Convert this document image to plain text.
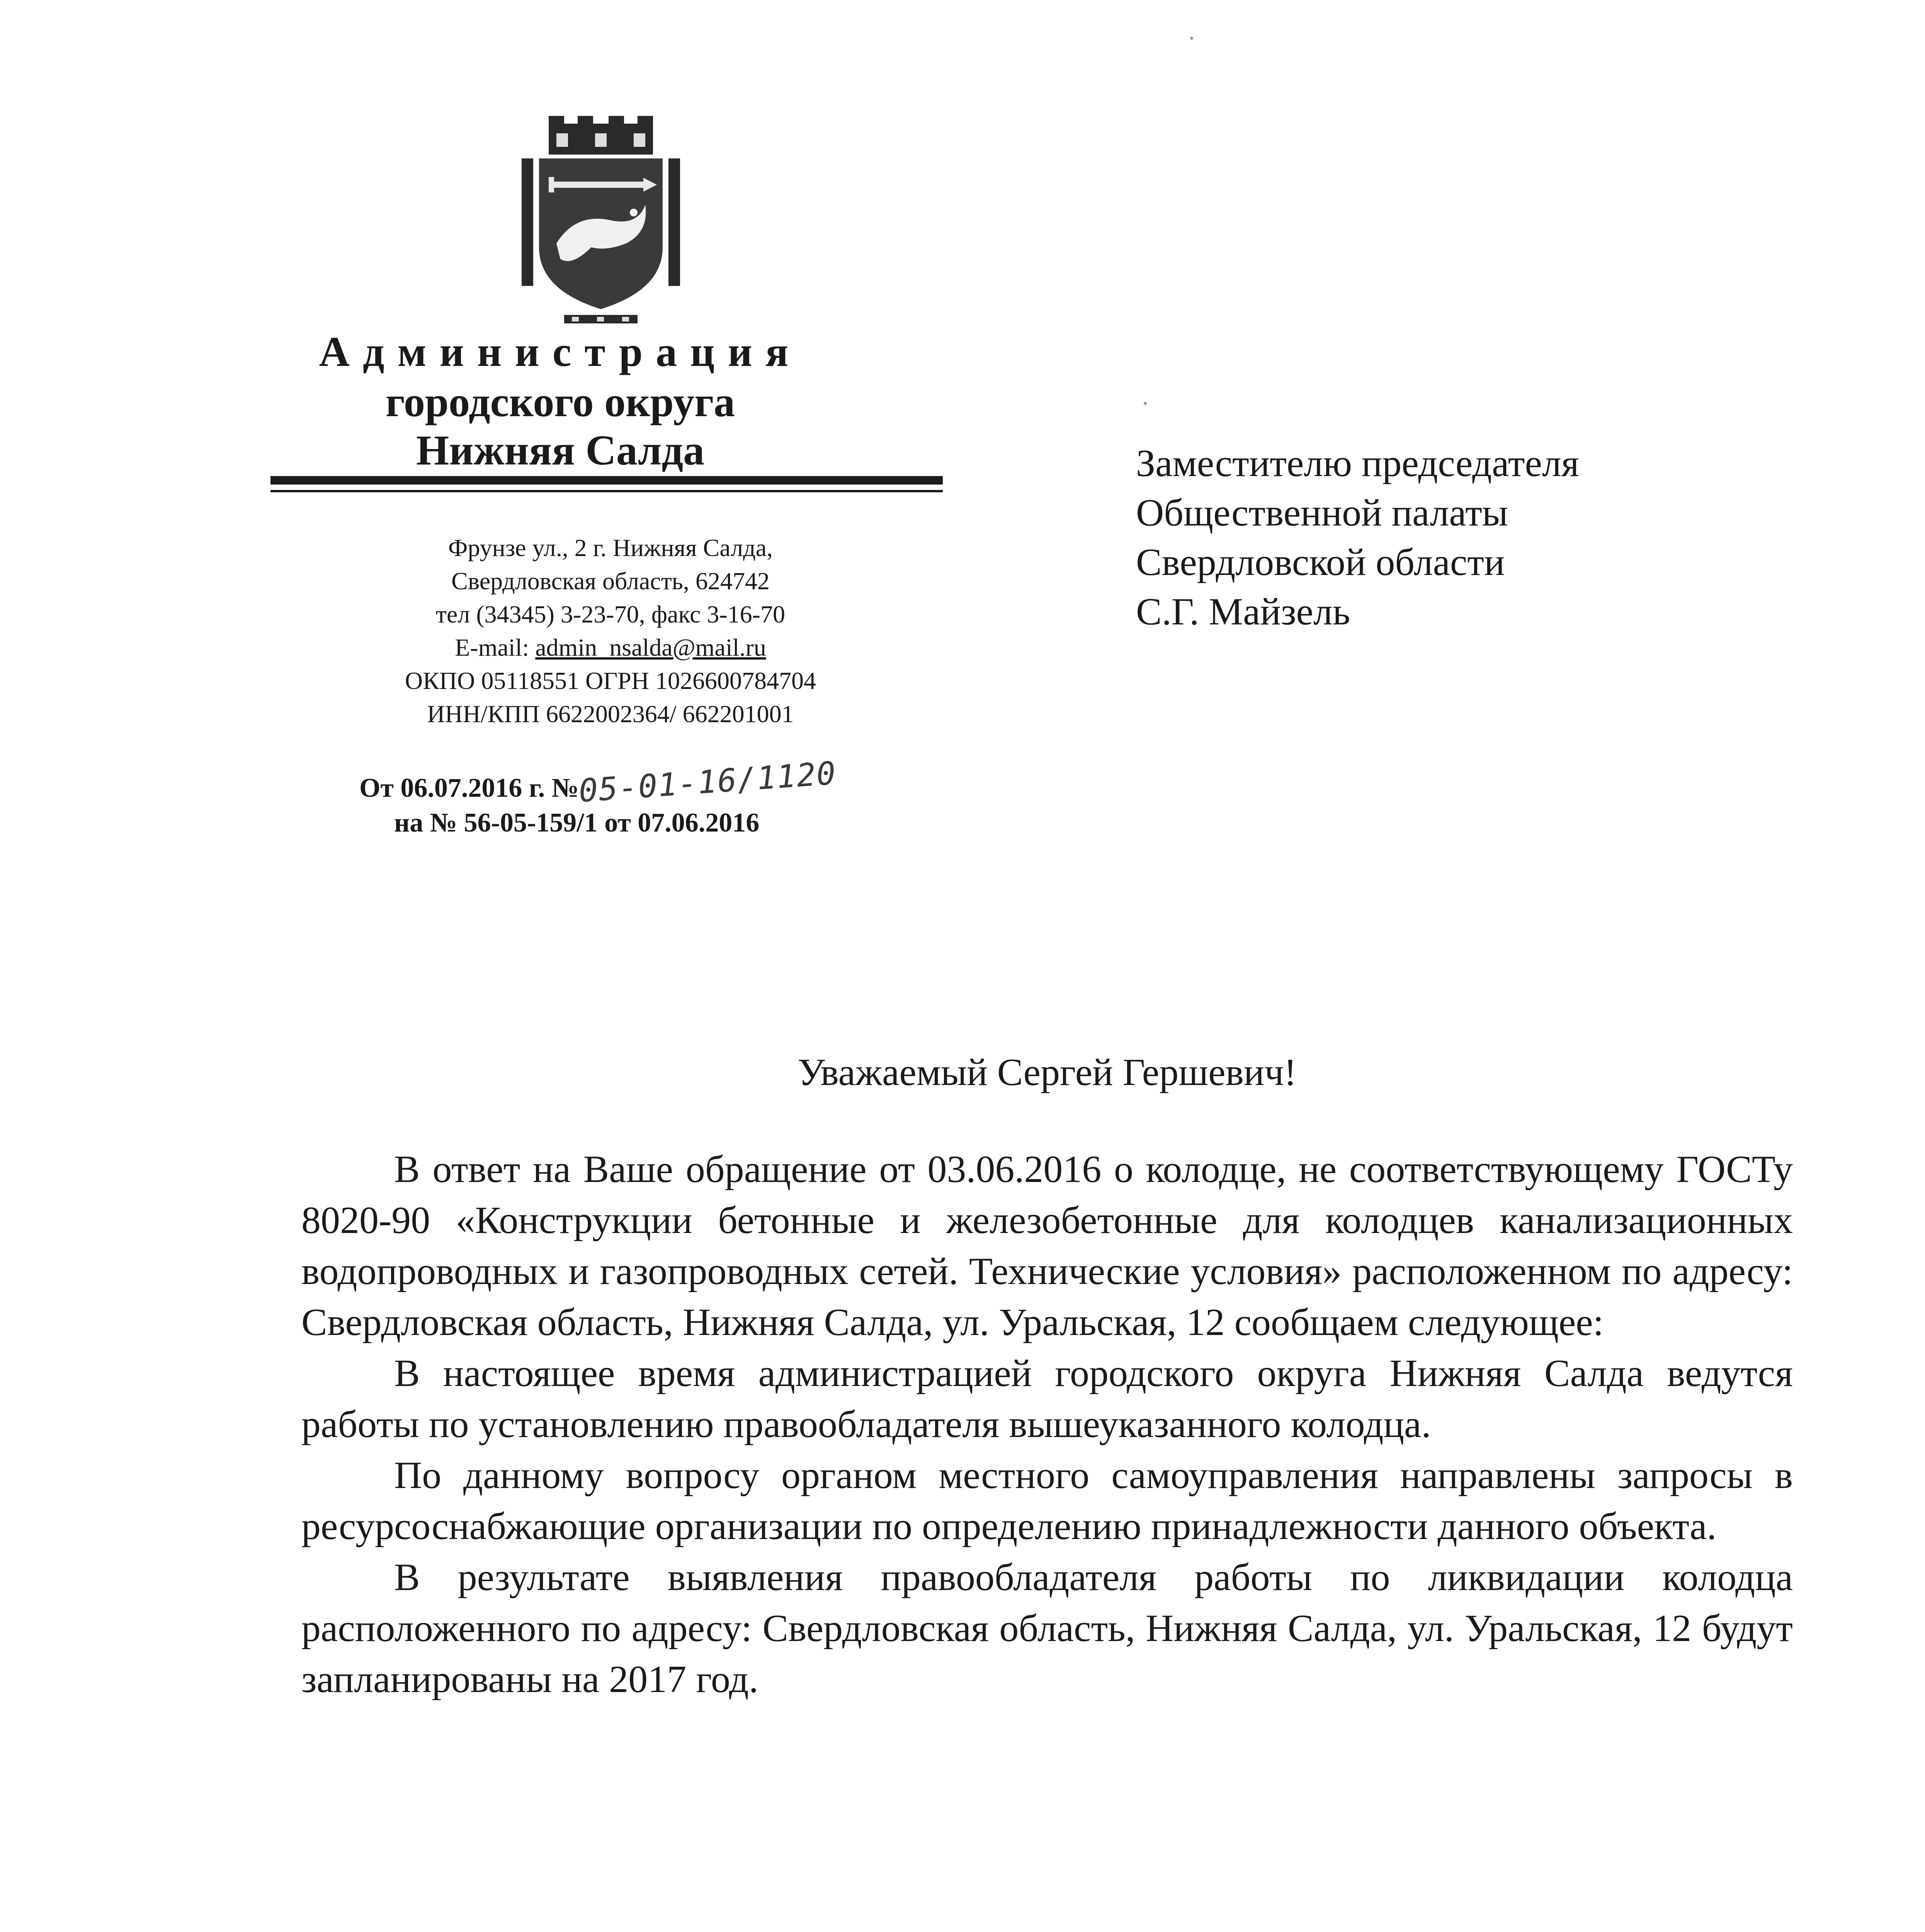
Администрация
городского округа
Нижняя Салда
Фрунзе ул., 2 г. Нижняя Салда,
Свердловская область, 624742
тел (34345) 3-23-70, факс 3-16-70
E-mail: admin_nsalda@mail.ru
ОКПО 05118551 ОГРН 1026600784704
ИНН/КПП 6622002364/ 662201001
От 06.07.2016 г. №05-01-16/1120
на № 56-05-159/1 от 07.06.2016
Заместителю председателя
Общественной палаты
Свердловской области
С.Г. Майзель
Уважаемый Сергей Гершевич!

В ответ на Ваше обращение от 03.06.2016 о колодце, не соответствующему ГОСТу 8020-90 «Конструкции бетонные и железобетонные для колодцев канализационных водопроводных и газопроводных сетей. Технические условия» расположенном по адресу: Свердловская область, Нижняя Салда, ул. Уральская, 12 сообщаем следующее:

В настоящее время администрацией городского округа Нижняя Салда ведутся работы по установлению правообладателя вышеуказанного колодца.

По данному вопросу органом местного самоуправления направлены запросы в ресурсоснабжающие организации по определению принадлежности данного объекта.

В результате выявления правообладателя работы по ликвидации колодца расположенного по адресу: Свердловская область, Нижняя Салда, ул. Уральская, 12 будут запланированы на 2017 год.
